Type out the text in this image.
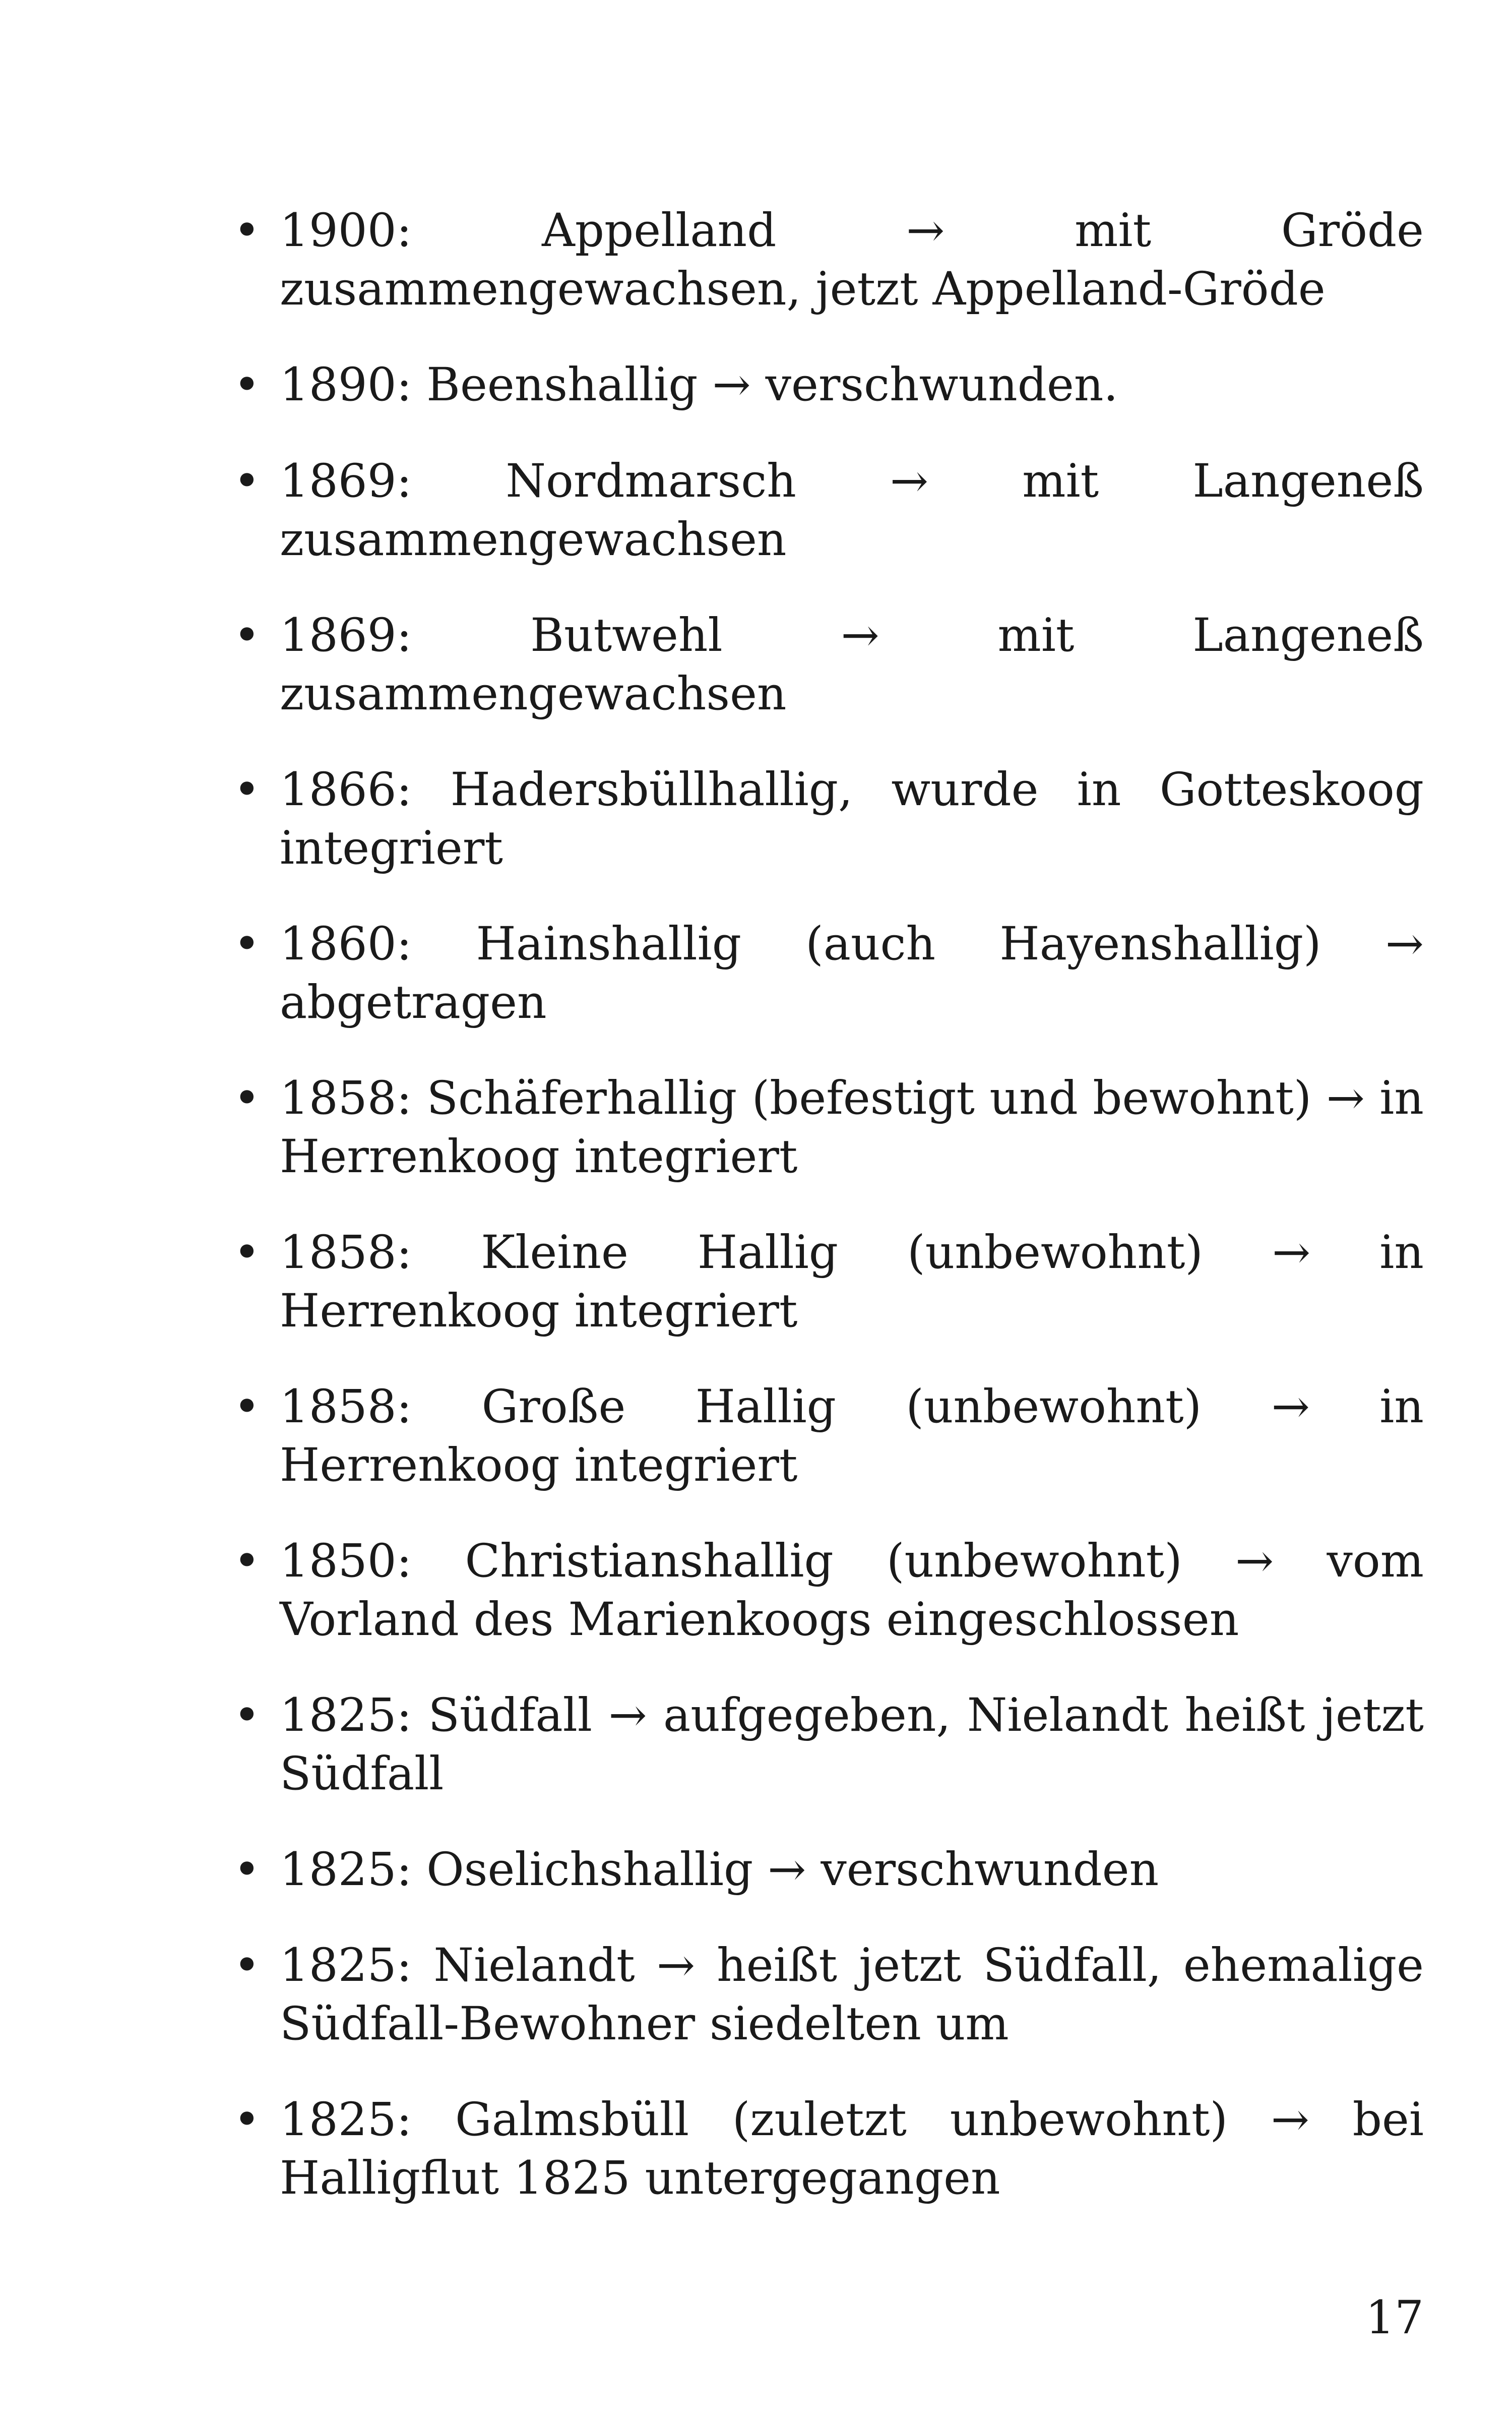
• 1900: Appelland → mit Gröde zusammengewachsen, jetzt Appelland-Gröde
• 1890: Beenshallig → verschwunden.
• 1869: Nordmarsch → mit Langeneß zusammengewachsen
• 1869: Butwehl → mit Langeneß zusammengewachsen
• 1866: Hadersbüllhallig, wurde in Gotteskoog integriert
• 1860: Hainshallig (auch Hayenshallig) → abgetragen
• 1858: Schäferhallig (befestigt und bewohnt) → in Herrenkoog integriert
• 1858: Kleine Hallig (unbewohnt) → in Herrenkoog integriert
• 1858: Große Hallig (unbewohnt) → in Herrenkoog integriert
• 1850: Christianshallig (unbewohnt) → vom Vorland des Marienkoogs eingeschlossen
• 1825: Südfall → aufgegeben, Nielandt heißt jetzt Südfall
• 1825: Oselichshallig → verschwunden
• 1825: Nielandt → heißt jetzt Südfall, ehemalige Südfall-Bewohner siedelten um
• 1825: Galmsbüll (zuletzt unbewohnt) → bei Halligflut 1825 untergegangen
17
